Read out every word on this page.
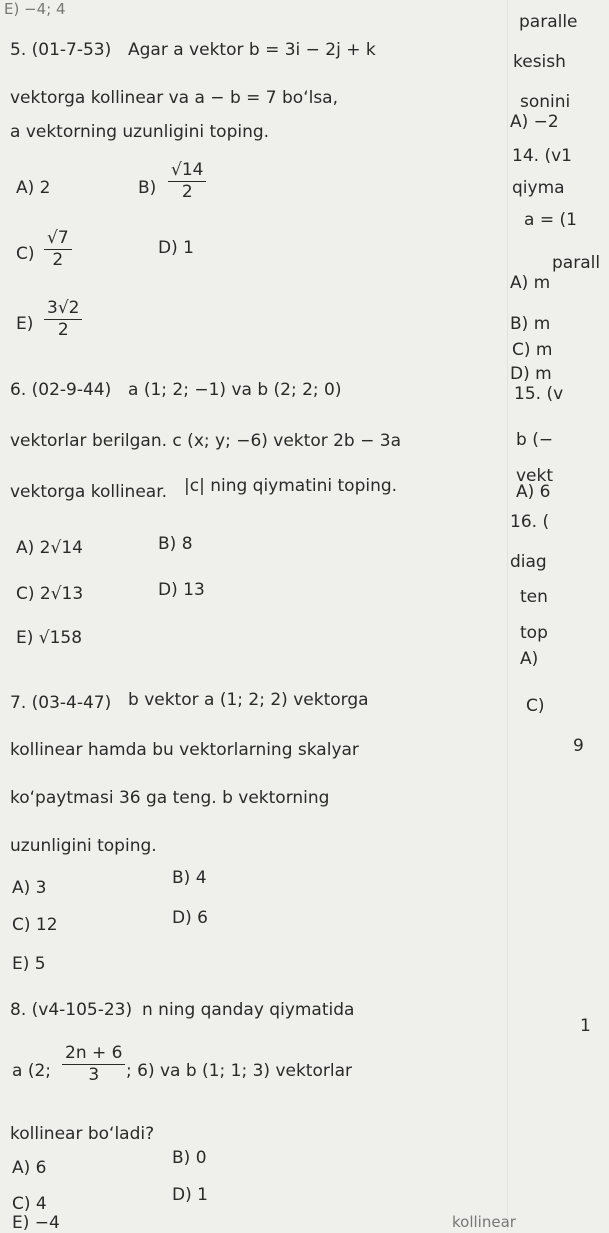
E) −4; 4
5. (01-7-53) Agar a vektor b = 3i − 2j + k
vektorga kollinear va a − b = 7 bo‘lsa,
a vektorning uzunligini toping.
A) 2	$B) \frac{√14}{2}$
$C) \frac{√7}{2}$	D) 1
$E) \frac{3√2}{2}$
6. (02-9-44) a (1; 2; −1) va b (2; 2; 0)
vektorlar berilgan. c (x; y; −6) vektor 2b − 3a
vektorga kollinear. |c| ning qiymatini toping.
A) 2√14	B) 8
C) 2√13	D) 13
E) √158
7. (03-4-47) b vektor a (1; 2; 2) vektorga
kollinear hamda bu vektorlarning skalyar
ko‘paytmasi 36 ga teng. b vektorning
uzunligini toping.
A) 3	B) 4
C) 12	D) 6
E) 5
8. (v4-105-23) n ning qanday qiymatida
a (2; $\frac{2n + 6}{3}$ ; 6) va b (1; 1; 3) vektorlar
kollinear bo‘ladi?
A) 6	B) 0
C) 4	D) 1
E) −4
paralle
kesish
sonini
A) −2
14. (v1
qiyma
a = (1
parall
A) m
B) m
C) m
D) m
15. (v
b (−
vekt
A) 6
16. (
diag
ten
top
A)
C)
9
1
kollinear
